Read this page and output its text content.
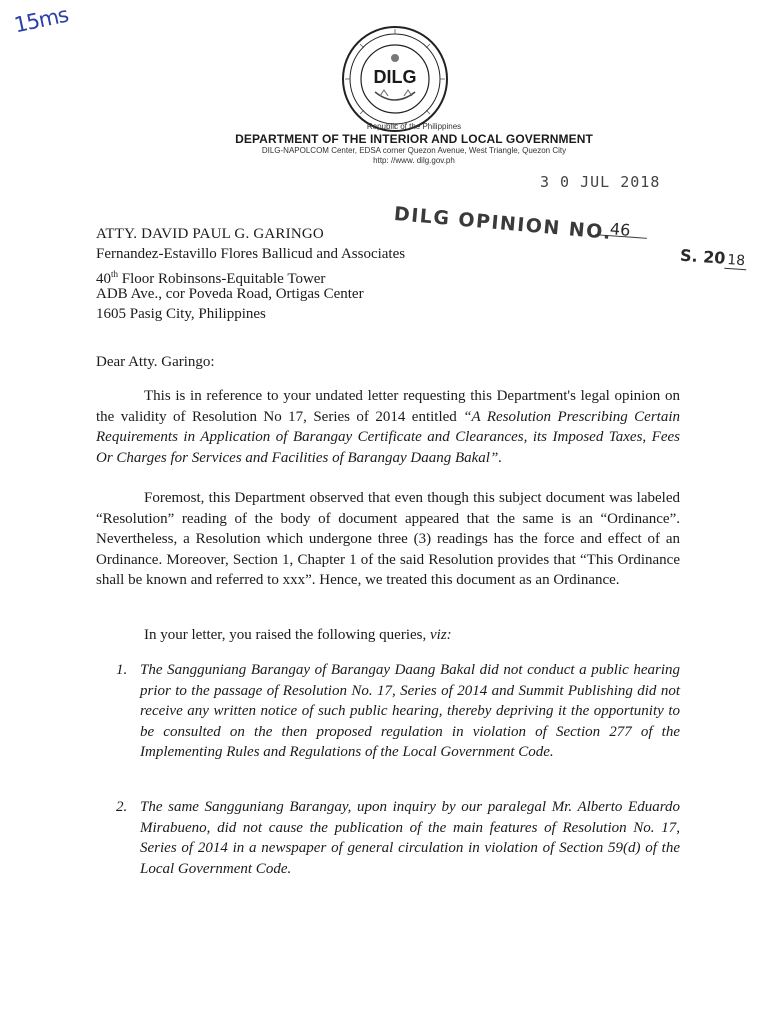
15ms
DILG
Republic of the Philippines
DEPARTMENT OF THE INTERIOR AND LOCAL GOVERNMENT
DILG-NAPOLCOM Center, EDSA corner Quezon Avenue, West Triangle, Quezon City
http: //www. dilg.gov.ph
3 0 JUL 2018
DILG OPINION NO.
46
S. 2018
ATTY. DAVID PAUL G. GARINGO
Fernandez-Estavillo Flores Ballicud and Associates
40th Floor Robinsons-Equitable Tower
ADB Ave., cor Poveda Road, Ortigas Center
1605 Pasig City, Philippines
Dear Atty. Garingo:

This is in reference to your undated letter requesting this Department's legal opinion on the validity of Resolution No 17, Series of 2014 entitled “A Resolution Prescribing Certain Requirements in Application of Barangay Certificate and Clearances, its Imposed Taxes, Fees Or Charges for Services and Facilities of Barangay Daang Bakal”.

Foremost, this Department observed that even though this subject document was labeled “Resolution” reading of the body of document appeared that the same is an “Ordinance”. Nevertheless, a Resolution which undergone three (3) readings has the force and effect of an Ordinance. Moreover, Section 1, Chapter 1 of the said Resolution provides that “This Ordinance shall be known and referred to xxx”. Hence, we treated this document as an Ordinance.

In your letter, you raised the following queries, viz:

1. The Sangguniang Barangay of Barangay Daang Bakal did not conduct a public hearing prior to the passage of Resolution No. 17, Series of 2014 and Summit Publishing did not receive any written notice of such public hearing, thereby depriving it the opportunity to be consulted on the then proposed regulation in violation of Section 277 of the Implementing Rules and Regulations of the Local Government Code.
2. The same Sangguniang Barangay, upon inquiry by our paralegal Mr. Alberto Eduardo Mirabueno, did not cause the publication of the main features of Resolution No. 17, Series of 2014 in a newspaper of general circulation in violation of Section 59(d) of the Local Government Code.
